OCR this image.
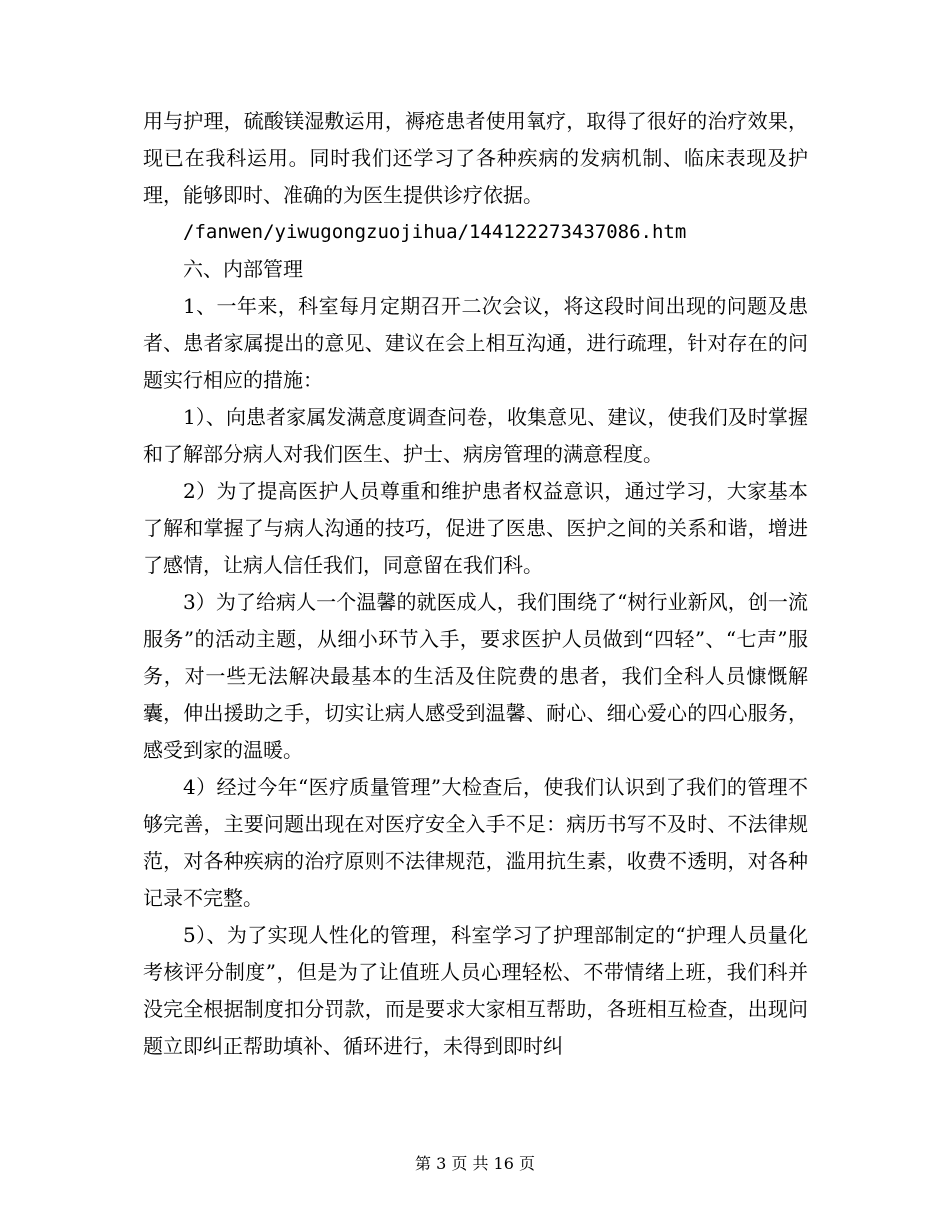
用与护理，硫酸镁湿敷运用，褥疮患者使用氧疗，取得了很好的治疗效果，现已在我科运用。同时我们还学习了各种疾病的发病机制、临床表现及护理，能够即时、准确的为医生提供诊疗依据。

/fanwen/yiwugongzuojihua/144122273437086.htm

六、内部管理

1、一年来，科室每月定期召开二次会议，将这段时间出现的问题及患者、患者家属提出的意见、建议在会上相互沟通，进行疏理，针对存在的问题实行相应的措施：

1）、向患者家属发满意度调查问卷，收集意见、建议，使我们及时掌握和了解部分病人对我们医生、护士、病房管理的满意程度。

2）为了提高医护人员尊重和维护患者权益意识，通过学习，大家基本了解和掌握了与病人沟通的技巧，促进了医患、医护之间的关系和谐，增进了感情，让病人信任我们，同意留在我们科。

3）为了给病人一个温馨的就医成人，我们围绕了“树行业新风，创一流服务”的活动主题，从细小环节入手，要求医护人员做到“四轻”、“七声”服务，对一些无法解决最基本的生活及住院费的患者，我们全科人员慷慨解囊，伸出援助之手，切实让病人感受到温馨、耐心、细心爱心的四心服务，感受到家的温暖。

4）经过今年“医疗质量管理”大检查后，使我们认识到了我们的管理不够完善，主要问题出现在对医疗安全入手不足：病历书写不及时、不法律规范，对各种疾病的治疗原则不法律规范，滥用抗生素，收费不透明，对各种记录不完整。

5）、为了实现人性化的管理，科室学习了护理部制定的“护理人员量化考核评分制度”，但是为了让值班人员心理轻松、不带情绪上班，我们科并没完全根据制度扣分罚款，而是要求大家相互帮助，各班相互检查，出现问题立即纠正帮助填补、循环进行，未得到即时纠

第 3 页 共 16 页
